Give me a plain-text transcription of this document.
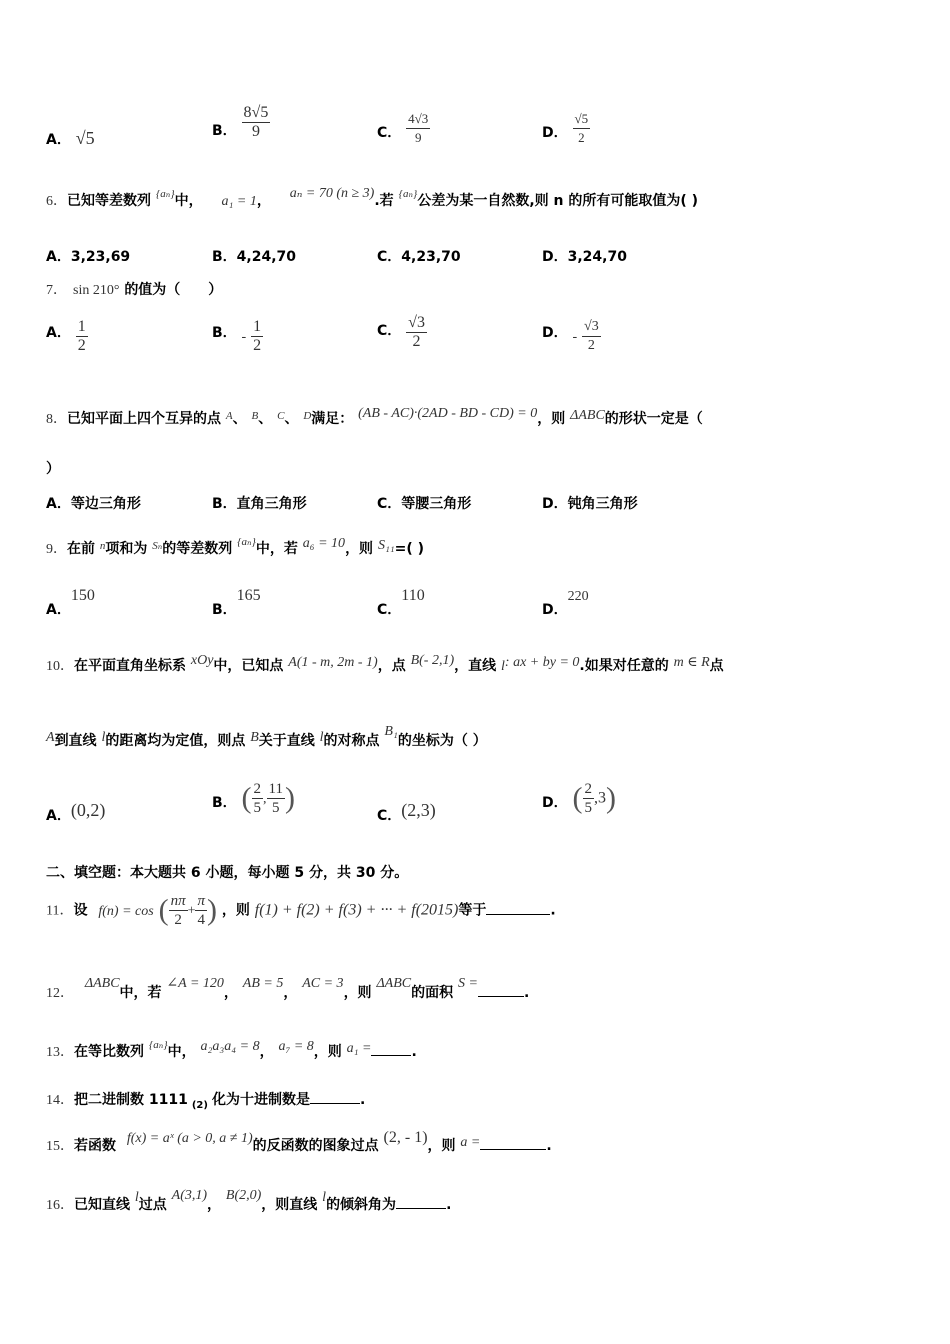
A． √5	B． $\frac{8√5}{9}$	C． $\frac{4√3}{9}$	D． $\frac{√5}{2}$
6．已知等差数列 $^{\{a_n\}}$中， a₁ = 1， aₙ = 70 (n ≥ 3).若 $^{\{a_n\}}$公差为某一自然数,则 n 的所有可能取值为( )
A．3,23,69	B．4,24,70	C．4,23,70	D．3,24,70
7． sin 210° 的值为（　　）
A． $\frac{1}{2}$	B． - $\frac{1}{2}$	C． $\frac{√3}{2}$	D． - $\frac{√3}{2}$
8．已知平面上四个互异的点 $^A$、 $^B$、 $^C$、 $^D$满足： (AB - AC)·(2AD - BD - CD) = 0，则 ΔABC的形状一定是（
）
A．等边三角形	B．直角三角形	C．等腰三角形	D．钝角三角形
9．在前 $^n$项和为 $^{S_n}$的等差数列 $^{\{a_n\}}$中，若 a₆ = 10，则 S₁₁=( )
A．150
B．165
C．110
D．220
10．在平面直角坐标系 xOy中，已知点 A(1 - m, 2m - 1)，点 B(- 2,1)，直线 l: ax + by = 0.如果对任意的 m ∈ R点
A到直线 l的距离均为定值，则点 B关于直线 l的对称点 B₁的坐标为（ ）
A．(0,2)	B． ( $\frac{2}{5}$ , $\frac{11}{5}$ )
C．(2,3)	D． ( $\frac{2}{5} ,3$)
二、填空题：本大题共 6 小题，每小题 5 分，共 30 分。
11．设 f(n) = cos ( $\frac{n\pi}{2} + \frac{\pi}{4}$ ) ，则 f(1) + f(2) + f(3) + ··· + f(2015)等于	.
12． ΔABC中，若 ∠A = 120， AB = 5， AC = 3，则 ΔABC的面积 S =.
13．在等比数列 $^{\{a_n\}}$中， a₂a₃a₄ = 8， a₇ = 8，则 a₁ =	.
14．把二进制数 1111 $_{(2)}$ 化为十进制数是	.
15．若函数 f(x) = aˣ (a > 0, a ≠ 1)的反函数的图象过点 (2, - 1)，则 a =	.
16．已知直线 l过点 A(3,1)， B(2,0)，则直线 l的倾斜角为	.
